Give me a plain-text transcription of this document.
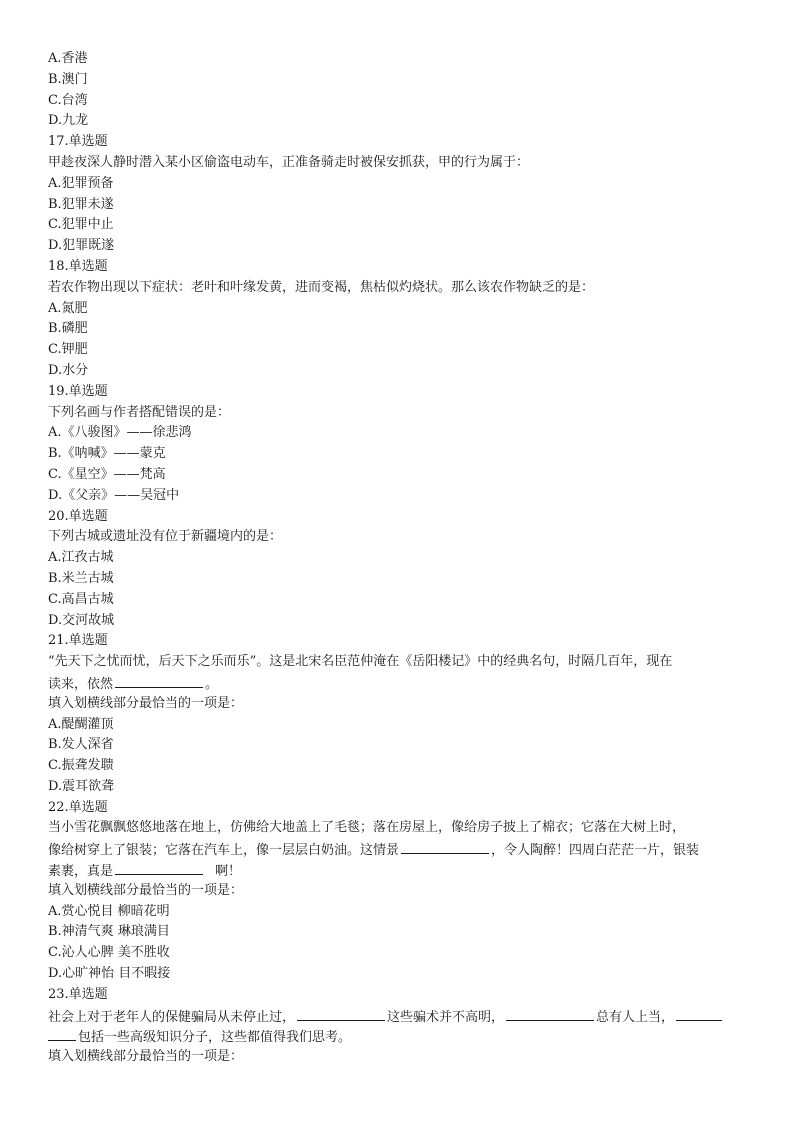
A.香港
B.澳门
C.台湾
D.九龙
17.单选题
甲趁夜深人静时潜入某小区偷盗电动车，正准备骑走时被保安抓获，甲的行为属于：
A.犯罪预备
B.犯罪未遂
C.犯罪中止
D.犯罪既遂
18.单选题
若农作物出现以下症状：老叶和叶缘发黄，进而变褐，焦枯似灼烧状。那么该农作物缺乏的是：
A.氮肥
B.磷肥
C.钾肥
D.水分
19.单选题
下列名画与作者搭配错误的是：
A.《八骏图》——徐悲鸿
B.《呐喊》——蒙克
C.《星空》——梵高
D.《父亲》——吴冠中
20.单选题
下列古城或遗址没有位于新疆境内的是：
A.江孜古城
B.米兰古城
C.高昌古城
D.交河故城
21.单选题
“先天下之忧而忧，后天下之乐而乐”。这是北宋名臣范仲淹在《岳阳楼记》中的经典名句，时隔几百年，现在
读来，依然	。
填入划横线部分最恰当的一项是：
A.醍醐灌顶
B.发人深省
C.振聋发聩
D.震耳欲聋
22.单选题
当小雪花飘飘悠悠地落在地上，仿佛给大地盖上了毛毯；落在房屋上，像给房子披上了棉衣；它落在大树上时，
像给树穿上了银装；它落在汽车上，像一层层白奶油。这情景	，令人陶醉！四周白茫茫一片，银装
素裹，真是	啊！
填入划横线部分最恰当的一项是：
A.赏心悦目 柳暗花明
B.神清气爽 琳琅满目
C.沁人心脾 美不胜收
D.心旷神怡 目不暇接
23.单选题
社会上对于老年人的保健骗局从未停止过，	这些骗术并不高明，	总有人上当，
包括一些高级知识分子，这些都值得我们思考。
填入划横线部分最恰当的一项是：
